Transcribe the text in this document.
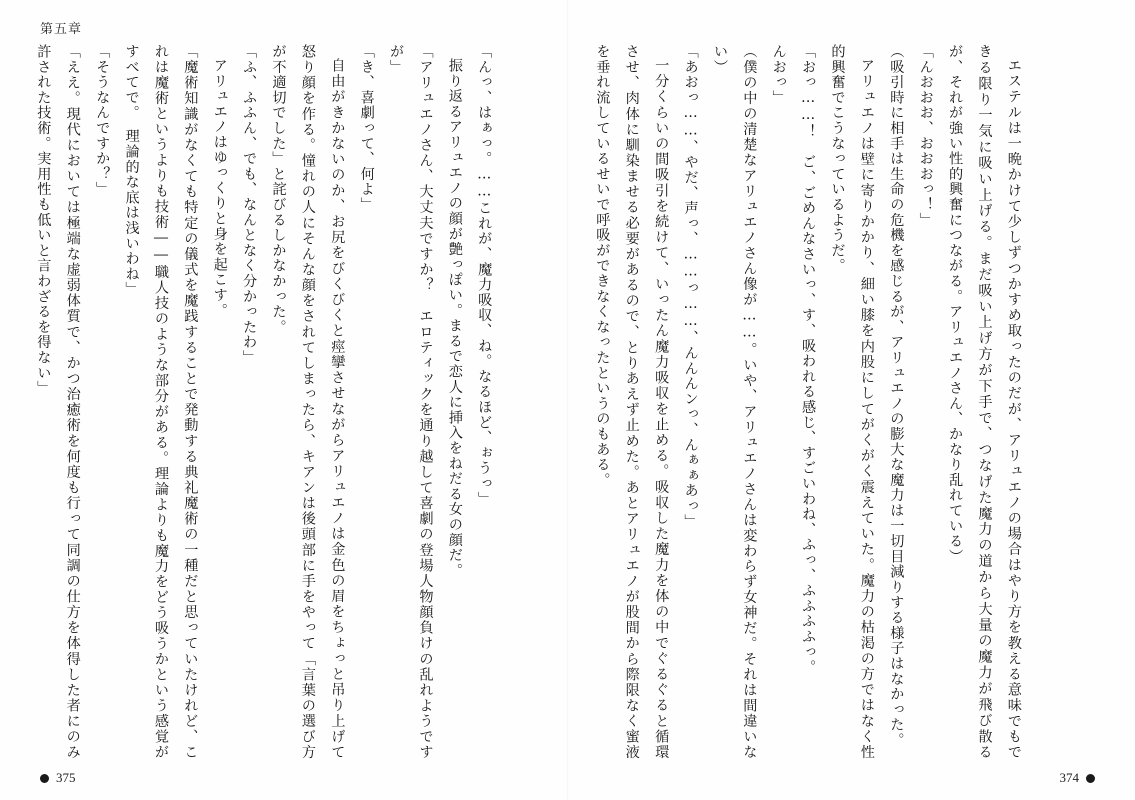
第五章

エステルは一晩かけて少しずつかすめ取ったのだが、アリュエノの場合はやり方を教える意味でもできる限り一気に吸い上げる。まだ吸い上げ方が下手で、つなげた魔力の道から大量の魔力が飛び散るが、それが強い性的興奮につながる。アリュエノさん、かなり乱れている）

「んおおお、おおおっ！」

（吸引時に相手は生命の危機を感じるが、アリュエノの膨大な魔力は一切目減りする様子はなかった。

アリュエノは壁に寄りかかり、細い膝を内股にしてがくがく震えていた。魔力の枯渇の方ではなく性的興奮でこうなっているようだ。

「おっ……！　ご、ごめんなさいっ、す、吸われる感じ、すごいわね、ふっ、ふふふふっ。

んおっ」

（僕の中の清楚なアリュエノさん像が……。いや、アリュエノさんは変わらず女神だ。それは間違いない）

「あおっ……、やだ、声っ、……っ……、んんんンっ、んぁぁあっ」

一分くらいの間吸引を続けて、いったん魔力吸収を止める。吸収した魔力を体の中でぐるぐると循環させ、肉体に馴染ませる必要があるので、とりあえず止めた。あとアリュエノが股間から際限なく蜜液を垂れ流しているせいで呼吸ができなくなったというのもある。

「んっ、はぁっ。……これが、魔力吸収、ね。なるほど、ぉうっ」

振り返るアリュエノの顔が艶っぽい。まるで恋人に挿入をねだる女の顔だ。

「アリュエノさん、大丈夫ですか？　エロティックを通り越して喜劇の登場人物顔負けの乱れようですが」

「き、喜劇って、何よ」

自由がきかないのか、お尻をびくびくと痙攣させながらアリュエノは金色の眉をちょっと吊り上げて怒り顔を作る。憧れの人にそんな顔をされてしまったら、キアンは後頭部に手をやって「言葉の選び方が不適切でした」と詫びるしかなかった。

「ふ、ふふん、でも、なんとなく分かったわ」

アリュエノはゆっくりと身を起こす。

「魔術知識がなくても特定の儀式を魔践することで発動する典礼魔術の一種だと思っていたけれど、これは魔術というよりも技術――職人技のような部分がある。理論よりも魔力をどう吸うかという感覚がすべてで。　理論的な底は浅いわね」

「そうなんですか？」

「ええ。現代においては極端な虚弱体質で、かつ治癒術を何度も行って同調の仕方を体得した者にのみ許された技術。実用性も低いと言わざるを得ない」

375	374
